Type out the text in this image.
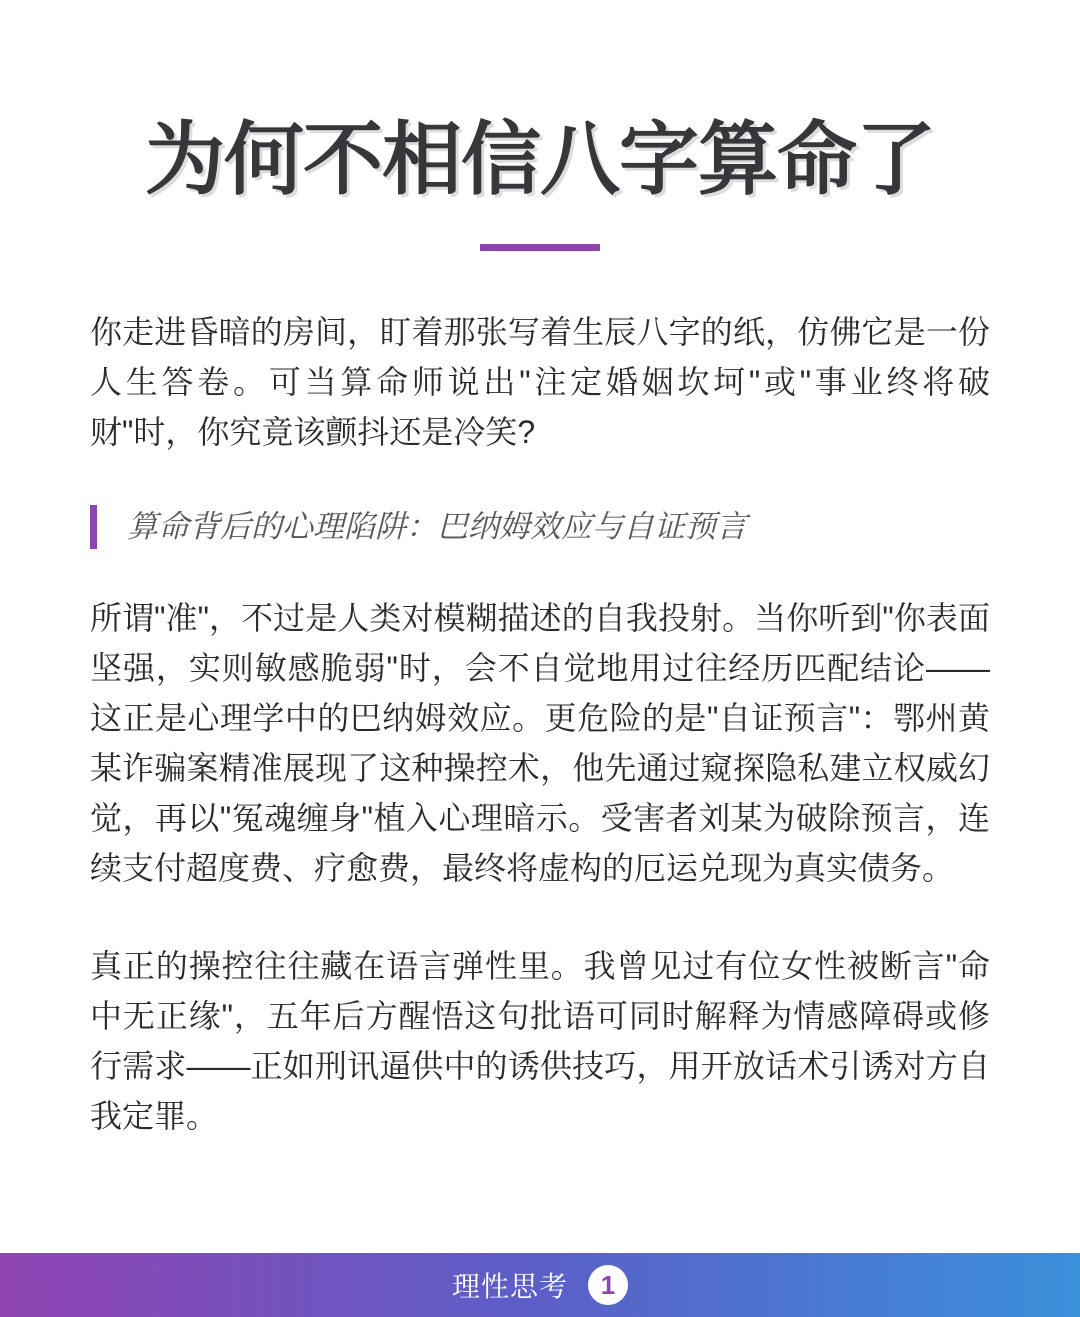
为何不相信八字算命了

你走进昏暗的房间，盯着那张写着生辰八字的纸，仿佛它是一份人生答卷。可当算命师说出"注定婚姻坎坷"或"事业终将破财"时，你究竟该颤抖还是冷笑?

算命背后的心理陷阱：巴纳姆效应与自证预言

所谓"准"，不过是人类对模糊描述的自我投射。当你听到"你表面坚强，实则敏感脆弱"时，会不自觉地用过往经历匹配结论——这正是心理学中的巴纳姆效应。更危险的是"自证预言"：鄂州黄某诈骗案精准展现了这种操控术，他先通过窥探隐私建立权威幻觉，再以"冤魂缠身"植入心理暗示。受害者刘某为破除预言，连续支付超度费、疗愈费，最终将虚构的厄运兑现为真实债务。

真正的操控往往藏在语言弹性里。我曾见过有位女性被断言"命中无正缘"，五年后方醒悟这句批语可同时解释为情感障碍或修行需求——正如刑讯逼供中的诱供技巧，用开放话术引诱对方自我定罪。

理性思考	1
